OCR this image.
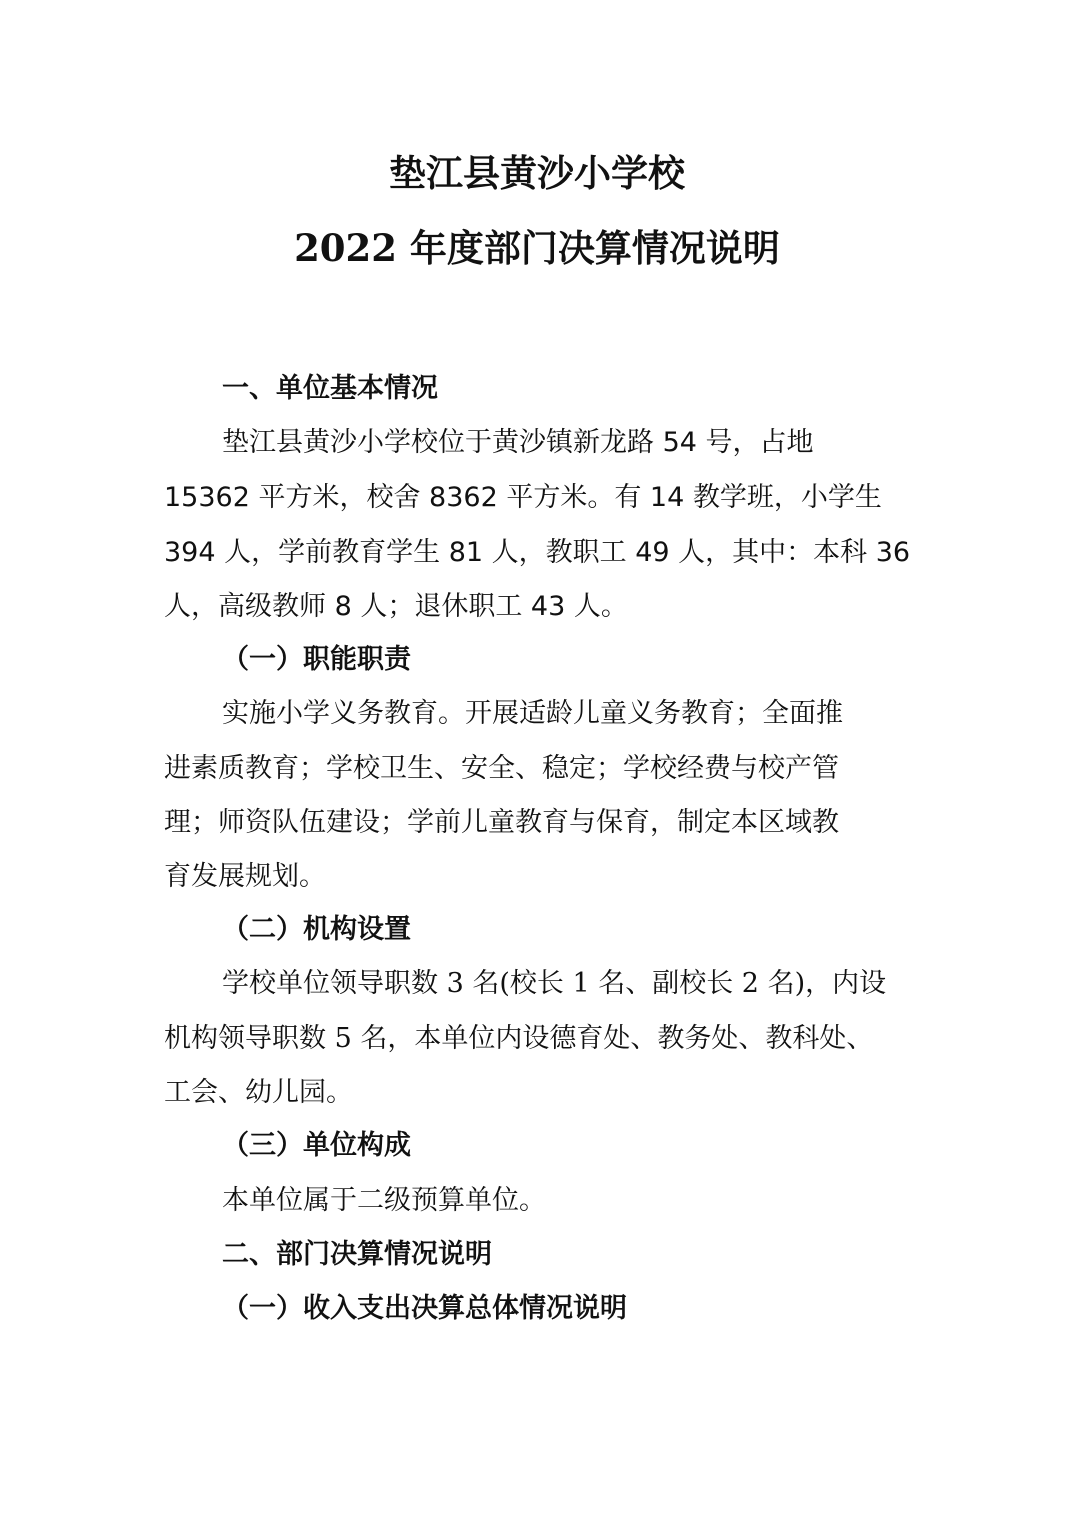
垫江县黄沙小学校
2022 年度部门决算情况说明

一、单位基本情况

垫江县黄沙小学校位于黄沙镇新龙路 54 号，占地

15362 平方米，校舍 8362 平方米。有 14 教学班，小学生

394 人，学前教育学生 81 人，教职工 49 人，其中：本科 36

人，高级教师 8 人；退休职工 43 人。

（一）职能职责

实施小学义务教育。开展适龄儿童义务教育；全面推

进素质教育；学校卫生、安全、稳定；学校经费与校产管

理；师资队伍建设；学前儿童教育与保育，制定本区域教

育发展规划。

（二）机构设置

学校单位领导职数 3 名(校长 1 名、副校长 2 名)，内设

机构领导职数 5 名，本单位内设德育处、教务处、教科处、

工会、幼儿园。

（三）单位构成

本单位属于二级预算单位。

二、部门决算情况说明

（一）收入支出决算总体情况说明
